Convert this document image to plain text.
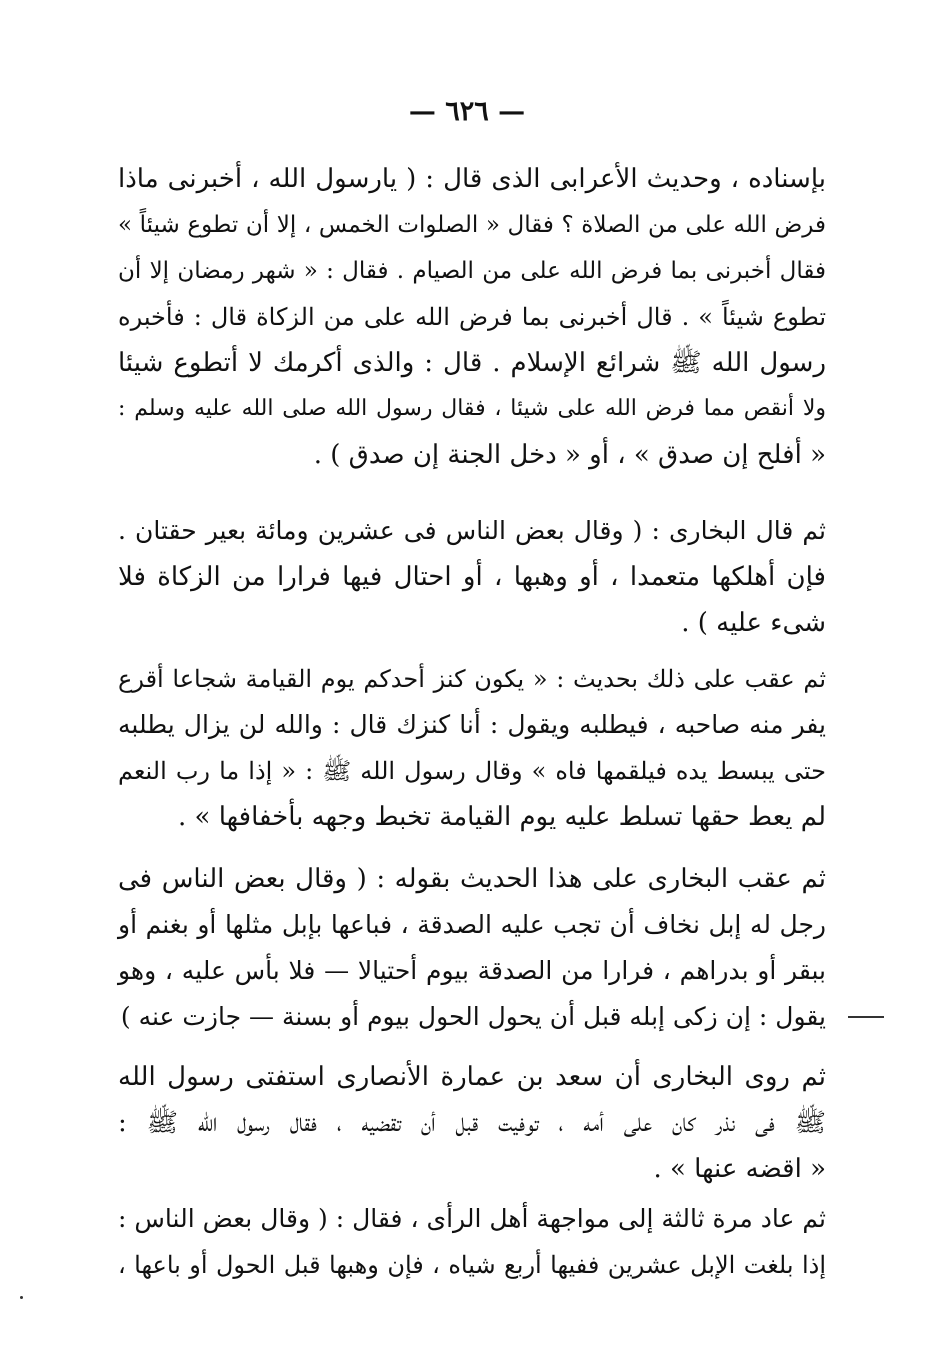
— ٦٢٦ —
بإسناده ، وحديث الأعرابى الذى قال : ( يارسول الله ، أخبرنى ماذا
فرض الله على من الصلاة ؟ فقال « الصلوات الخمس ، إلا أن تطوع شيئاً »
فقال أخبرنى بما فرض الله على من الصيام . فقال : « شهر رمضان إلا أن
تطوع شيئاً » . قال أخبرنى بما فرض الله على من الزكاة قال : فأخبره
رسول الله ﷺ شرائع الإسلام . قال : والذى أكرمك لا أتطوع شيئا
ولا أنقص مما فرض الله على شيئا ، فقال رسول الله صلى الله عليه وسلم :
« أفلح إن صدق » ، أو « دخل الجنة إن صدق ) .
ثم قال البخارى : ( وقال بعض الناس فى عشرين ومائة بعير حقتان .
فإن أهلكها متعمدا ، أو وهبها ، أو احتال فيها فرارا من الزكاة فلا
شىء عليه ) .
ثم عقب على ذلك بحديث : « يكون كنز أحدكم يوم القيامة شجاعا أقرع
يفر منه صاحبه ، فيطلبه ويقول : أنا كنزك قال : والله لن يزال يطلبه
حتى يبسط يده فيلقمها فاه » وقال رسول الله ﷺ : « إذا ما رب النعم
لم يعط حقها تسلط عليه يوم القيامة تخبط وجهه بأخفافها » .
ثم عقب البخارى على هذا الحديث بقوله : ( وقال بعض الناس فى
رجل له إبل نخاف أن تجب عليه الصدقة ، فباعها بإبل مثلها أو بغنم أو
ببقر أو بدراهم ، فرارا من الصدقة بيوم أحتيالا — فلا بأس عليه ، وهو
يقول : إن زكى إبله قبل أن يحول الحول بيوم أو بسنة — جازت عنه )
ثم روى البخارى أن سعد بن عمارة الأنصارى استفتى رسول الله
ﷺ فى نذر كان على أمه ، توفيت قبل أن تقضيه ، فقال رسول الله ﷺ :
« اقضه عنها » .
ثم عاد مرة ثالثة إلى مواجهة أهل الرأى ، فقال : ( وقال بعض الناس :
إذا بلغت الإبل عشرين ففيها أربع شياه ، فإن وهبها قبل الحول أو باعها ،
